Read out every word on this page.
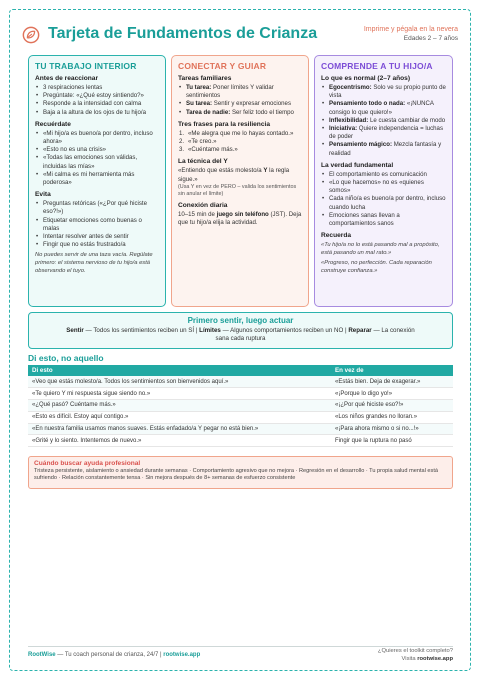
Tarjeta de Fundamentos de Crianza	Imprime y pégala en la nevera
Edades 2 – 7 años
TU TRABAJO INTERIOR
Antes de reaccionar
• 3 respiraciones lentas
• Pregúntate: «¿Qué estoy sintiendo?»
• Responde a la intensidad con calma
• Baja a la altura de los ojos de tu hijo/a
Recuérdate
• «Mi hijo/a es bueno/a por dentro, incluso ahora»
• «Esto no es una crisis»
• «Todas las emociones son válidas, incluidas las mías»
• «Mi calma es mi herramienta más poderosa»
Evita
• Preguntas retóricas («¿Por qué hiciste eso?!»)
• Etiquetar emociones como buenas o malas
• Intentar resolver antes de sentir
• Fingir que no estás frustrado/a
No puedes servir de una taza vacía. Regúlate primero: el sistema nervioso de tu hijo/a está observando el tuyo.
CONECTAR Y GUIAR
Tareas familiares
• Tu tarea: Poner límites Y validar sentimientos
• Su tarea: Sentir y expresar emociones
• Tarea de nadie: Ser feliz todo el tiempo
Tres frases para la resiliencia
1. «Me alegra que me lo hayas contado.»
2. «Te creo.»
3. «Cuéntame más.»
La técnica del Y
«Entiendo que estás molesto/a Y la regla sigue.»
(Usa Y en vez de PERO – valida los sentimientos sin anular el límite)
Conexión diaria
10–15 min de juego sin teléfono (JST). Deja que tu hijo/a elija la actividad.
COMPRENDE A TU HIJO/A
Lo que es normal (2–7 años)
• Egocentrismo: Solo ve su propio punto de vista
• Pensamiento todo o nada: «¡NUNCA consigo lo que quiero!»
• Inflexibilidad: Le cuesta cambiar de modo
• Iniciativa: Quiere independencia = luchas de poder
• Pensamiento mágico: Mezcla fantasía y realidad
La verdad fundamental
• El comportamiento es comunicación
• «Lo que hacemos» no es «quienes somos»
• Cada niño/a es bueno/a por dentro, incluso cuando lucha
• Emociones sanas llevan a comportamientos sanos
Recuerda
«Tu hijo/a no lo está pasando mal a propósito, está pasando un mal rato.»
«Progreso, no perfección. Cada reparación construye confianza.»
Primero sentir, luego actuar
Sentir — Todos los sentimientos reciben un SÍ | Límites — Algunos comportamientos reciben un NO | Reparar — La conexión sana cada ruptura
Di esto, no aquello
Di esto	En vez de
«Veo que estás molesto/a. Todos los sentimientos son bienvenidos aquí.»	«Estás bien. Deja de exagerar.»
«Te quiero Y mi respuesta sigue siendo no.»	«¡Porque lo digo yo!»
«¿Qué pasó? Cuéntame más.»	«¡¿Por qué hiciste eso?!»
«Esto es difícil. Estoy aquí contigo.»	«Los niños grandes no lloran.»
«En nuestra familia usamos manos suaves. Estás enfadado/a Y pegar no está bien.»	«¡Para ahora mismo o si no...!»
«Grité y lo siento. Intentemos de nuevo.»	Fingir que la ruptura no pasó
Cuándo buscar ayuda profesional
Tristeza persistente, aislamiento o ansiedad durante semanas · Comportamiento agresivo que no mejora · Regresión en el desarrollo · Tu propia salud mental está sufriendo · Relación constantemente tensa · Sin mejora después de 8+ semanas de esfuerzo consistente
RootWise — Tu coach personal de crianza, 24/7 | rootwise.app
¿Quieres el toolkit completo?
Visita rootwise.app
